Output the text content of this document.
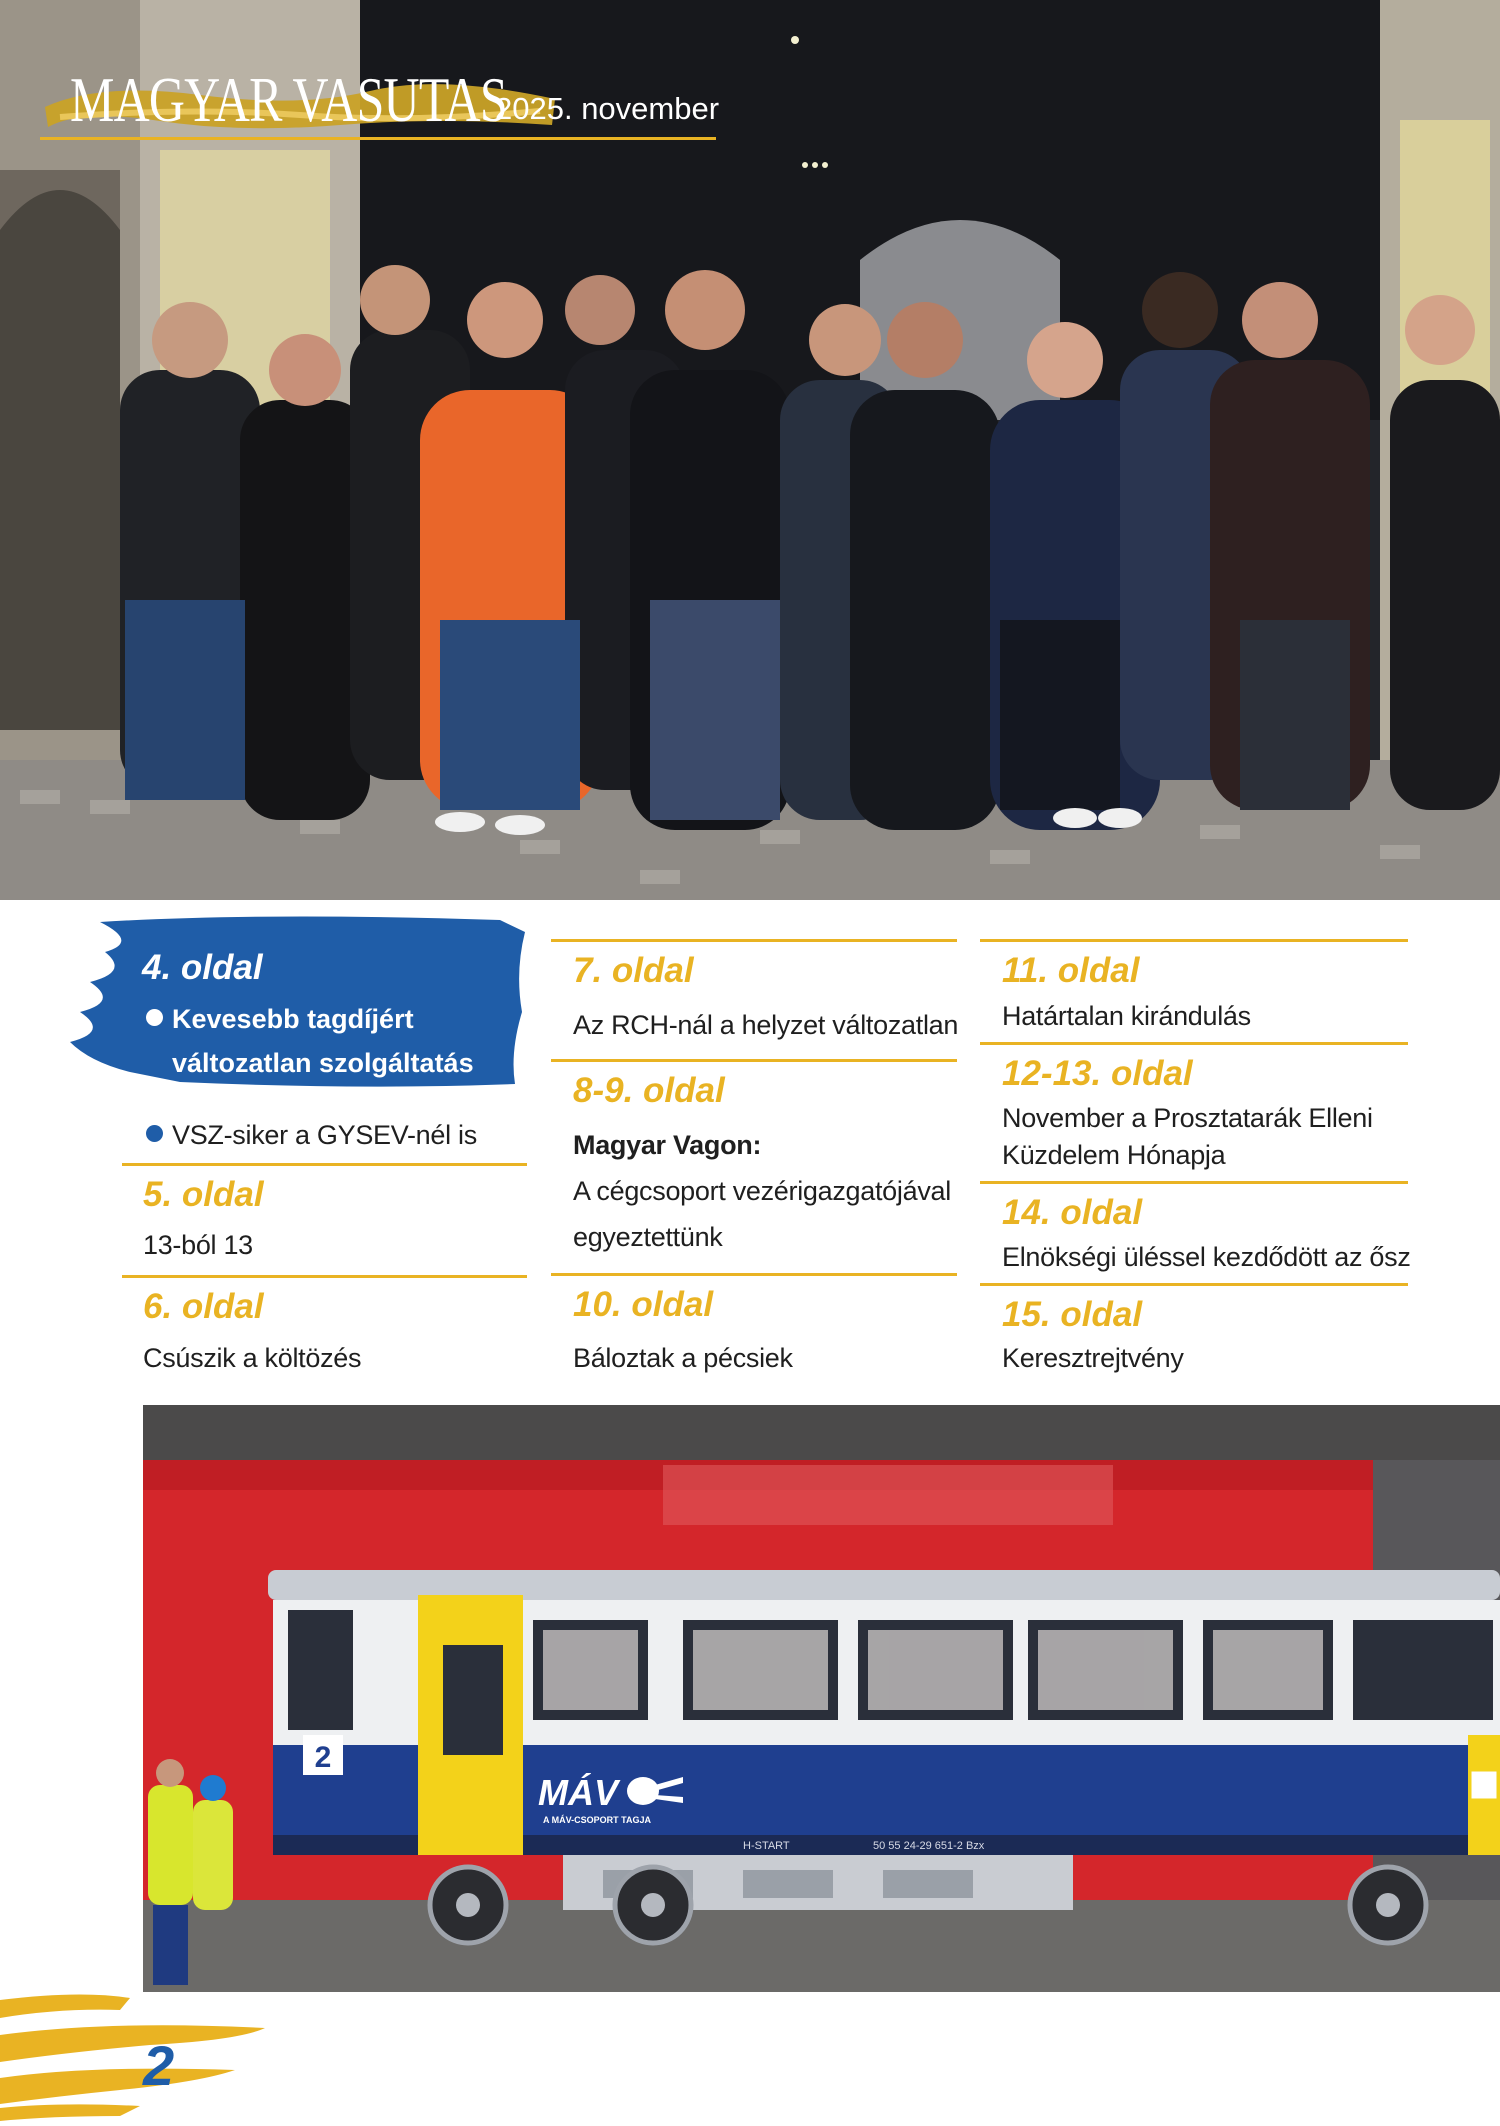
MAGYAR VASUTAS
2025. november
4. oldal
Kevesebb tagdíjért
változatlan szolgáltatás
VSZ-siker a GYSEV-nél is
5. oldal
13-ból 13
6. oldal
Csúszik a költözés
7. oldal
Az RCH-nál a helyzet változatlan
8-9. oldal
Magyar Vagon:
A cégcsoport vezérigazgatójával
egyeztettünk
10. oldal
Báloztak a pécsiek
11. oldal
Határtalan kirándulás
12-13. oldal
November a Prosztatarák Elleni
Küzdelem Hónapja
14. oldal
Elnökségi üléssel kezdődött az ősz
15. oldal
Keresztrejtvény
2
MÁV
A MÁV-CSOPORT TAGJA
H-START	50 55 24-29 651-2 Bzx
2
